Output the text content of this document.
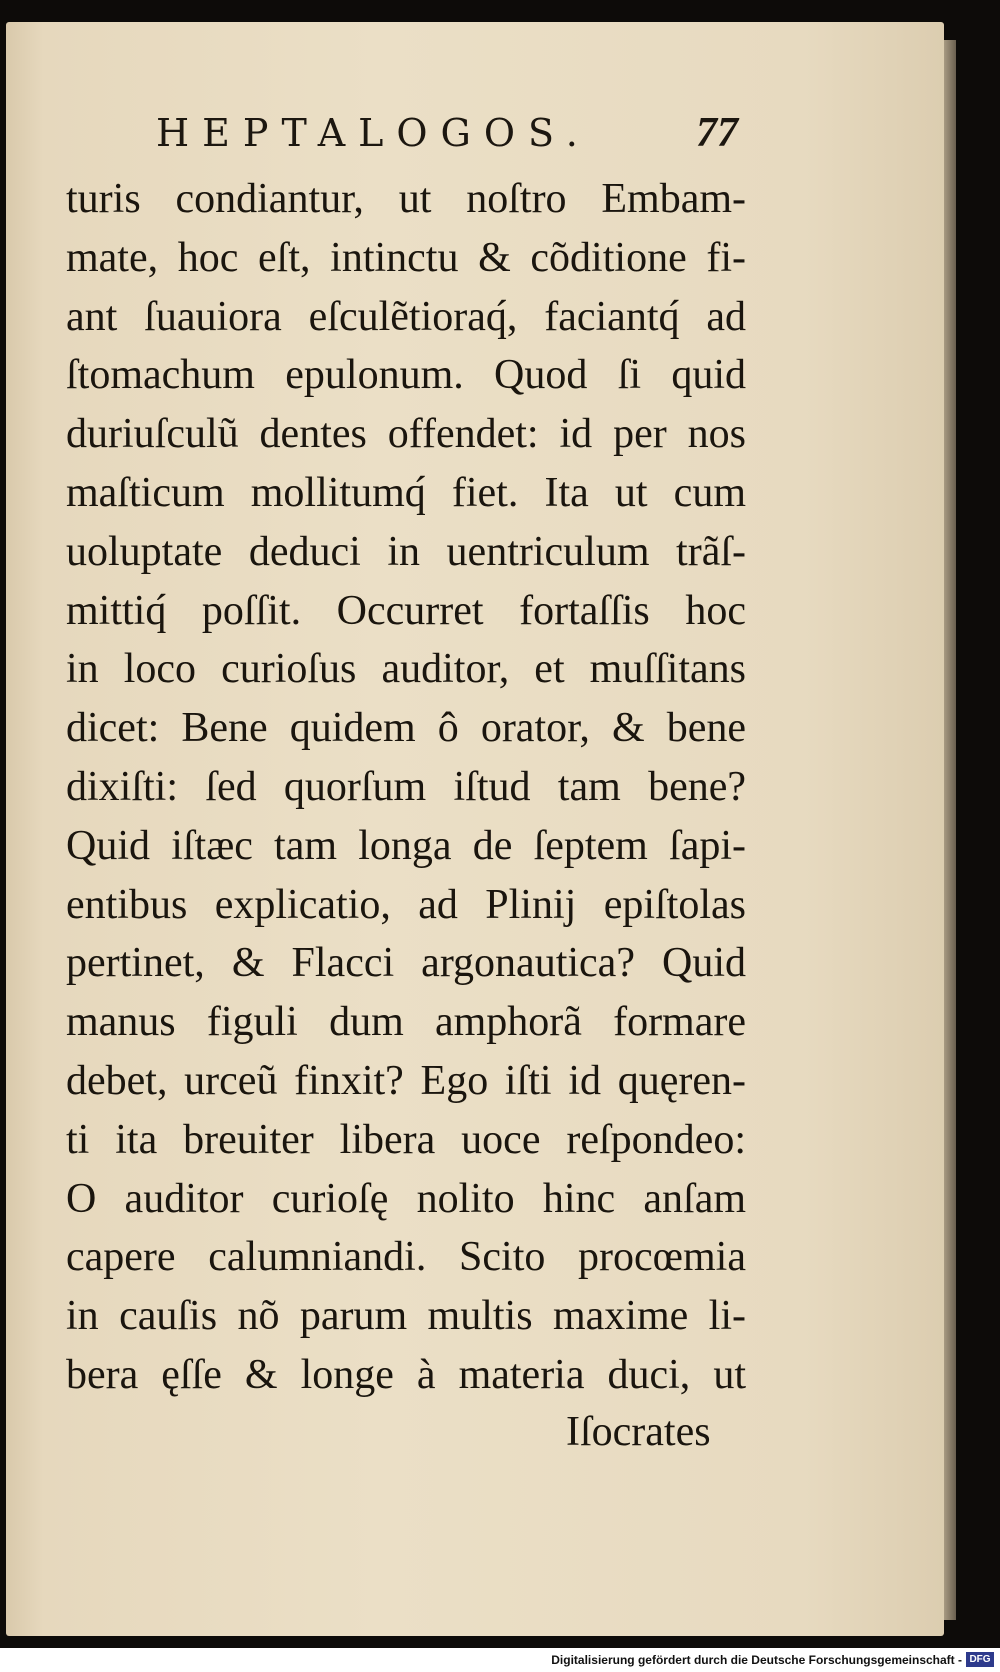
HEPTALOGOS.	77
turis condiantur, ut noſtro Embam-
mate, hoc eſt, intinctu & cõditione fi-
ant ſuauiora eſculẽtioraq́, faciantq́ ad
ſtomachum epulonum. Quod ſi quid
duriuſculũ dentes offendet: id per nos
maſticum mollitumq́ fiet. Ita ut cum
uoluptate deduci in uentriculum trãſ-
mittiq́ poſſit. Occurret fortaſſis hoc
in loco curioſus auditor, et muſſitans
dicet: Bene quidem ô orator, & bene
dixiſti: ſed quorſum iſtud tam bene?
Quid iſtæc tam longa de ſeptem ſapi-
entibus explicatio, ad Plinij epiſtolas
pertinet, & Flacci argonautica? Quid
manus figuli dum amphorã formare
debet, urceũ finxit? Ego iſti id quęren-
ti ita breuiter libera uoce reſpondeo:
O auditor curioſę nolito hinc anſam
capere calumniandi. Scito procœmia
in cauſis nõ parum multis maxime li-
bera ęſſe & longe à materia duci, ut
Iſocrates
Digitalisierung gefördert durch die Deutsche Forschungsgemeinschaft - DFG
